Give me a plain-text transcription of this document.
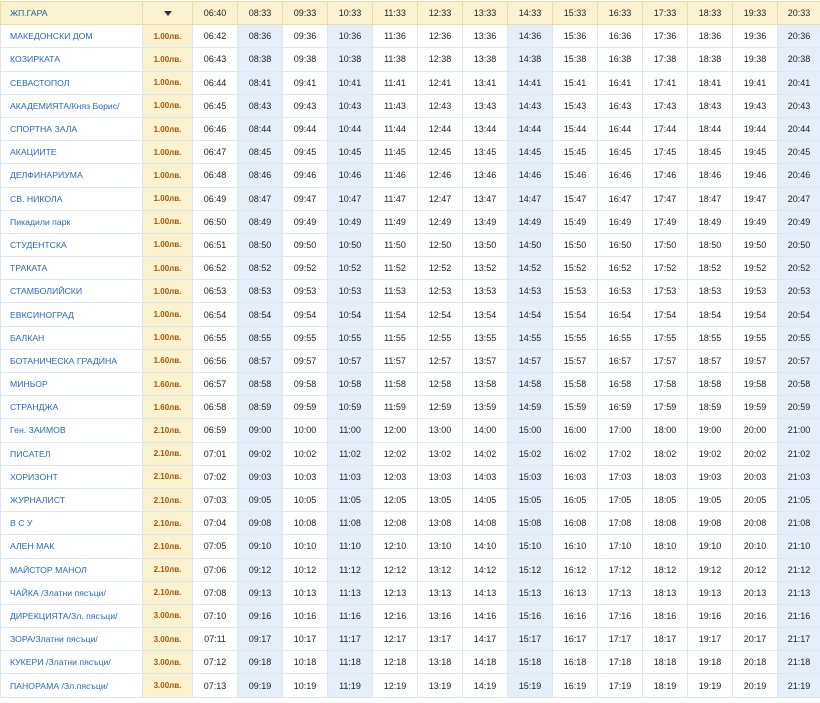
ЖП.ГАРА		06:40	08:33	09:33	10:33	11:33	12:33	13:33	14:33	15:33	16:33	17:33	18:33	19:33	20:33
МАКЕДОНСКИ ДОМ	1.00лв.	06:42	08:36	09:36	10:36	11:36	12:36	13:36	14:36	15:36	16:36	17:36	18:36	19:36	20:36
КОЗИРКАТА	1.00лв.	06:43	08:38	09:38	10:38	11:38	12:38	13:38	14:38	15:38	16:38	17:38	18:38	19:38	20:38
СЕВАСТОПОЛ	1.00лв.	06:44	08:41	09:41	10:41	11:41	12:41	13:41	14:41	15:41	16:41	17:41	18:41	19:41	20:41
АКАДЕМИЯТА/Княз Борис/	1.00лв.	06:45	08:43	09:43	10:43	11:43	12:43	13:43	14:43	15:43	16:43	17:43	18:43	19:43	20:43
СПОРТНА ЗАЛА	1.00лв.	06:46	08:44	09:44	10:44	11:44	12:44	13:44	14:44	15:44	16:44	17:44	18:44	19:44	20:44
АКАЦИИТЕ	1.00лв.	06:47	08:45	09:45	10:45	11:45	12:45	13:45	14:45	15:45	16:45	17:45	18:45	19:45	20:45
ДЕЛФИНАРИУМА	1.00лв.	06:48	08:46	09:46	10:46	11:46	12:46	13:46	14:46	15:46	16:46	17:46	18:46	19:46	20:46
СВ. НИКОЛА	1.00лв.	06:49	08:47	09:47	10:47	11:47	12:47	13:47	14:47	15:47	16:47	17:47	18:47	19:47	20:47
Пикадили парк	1.00лв.	06:50	08:49	09:49	10:49	11:49	12:49	13:49	14:49	15:49	16:49	17:49	18:49	19:49	20:49
СТУДЕНТСКА	1.00лв.	06:51	08:50	09:50	10:50	11:50	12:50	13:50	14:50	15:50	16:50	17:50	18:50	19:50	20:50
ТРАКАТА	1.00лв.	06:52	08:52	09:52	10:52	11:52	12:52	13:52	14:52	15:52	16:52	17:52	18:52	19:52	20:52
СТАМБОЛИЙСКИ	1.00лв.	06:53	08:53	09:53	10:53	11:53	12:53	13:53	14:53	15:53	16:53	17:53	18:53	19:53	20:53
ЕВКСИНОГРАД	1.00лв.	06:54	08:54	09:54	10:54	11:54	12:54	13:54	14:54	15:54	16:54	17:54	18:54	19:54	20:54
БАЛКАН	1.00лв.	06:55	08:55	09:55	10:55	11:55	12:55	13:55	14:55	15:55	16:55	17:55	18:55	19:55	20:55
БОТАНИЧЕСКА ГРАДИНА	1.60лв.	06:56	08:57	09:57	10:57	11:57	12:57	13:57	14:57	15:57	16:57	17:57	18:57	19:57	20:57
МИНЬОР	1.60лв.	06:57	08:58	09:58	10:58	11:58	12:58	13:58	14:58	15:58	16:58	17:58	18:58	19:58	20:58
СТРАНДЖА	1.60лв.	06:58	08:59	09:59	10:59	11:59	12:59	13:59	14:59	15:59	16:59	17:59	18:59	19:59	20:59
Ген. ЗАИМОВ	2.10лв.	06:59	09:00	10:00	11:00	12:00	13:00	14:00	15:00	16:00	17:00	18:00	19:00	20:00	21:00
ПИСАТЕЛ	2.10лв.	07:01	09:02	10:02	11:02	12:02	13:02	14:02	15:02	16:02	17:02	18:02	19:02	20:02	21:02
ХОРИЗОНТ	2.10лв.	07:02	09:03	10:03	11:03	12:03	13:03	14:03	15:03	16:03	17:03	18:03	19:03	20:03	21:03
ЖУРНАЛИСТ	2.10лв.	07:03	09:05	10:05	11:05	12:05	13:05	14:05	15:05	16:05	17:05	18:05	19:05	20:05	21:05
В С У	2.10лв.	07:04	09:08	10:08	11:08	12:08	13:08	14:08	15:08	16:08	17:08	18:08	19:08	20:08	21:08
АЛЕН МАК	2.10лв.	07:05	09:10	10:10	11:10	12:10	13:10	14:10	15:10	16:10	17:10	18:10	19:10	20:10	21:10
МАЙСТОР МАНОЛ	2.10лв.	07:06	09:12	10:12	11:12	12:12	13:12	14:12	15:12	16:12	17:12	18:12	19:12	20:12	21:12
ЧАЙКА /Златни пясъци/	2.10лв.	07:08	09:13	10:13	11:13	12:13	13:13	14:13	15:13	16:13	17:13	18:13	19:13	20:13	21:13
ДИРЕКЦИЯТА/Зл. пясъци/	3.00лв.	07:10	09:16	10:16	11:16	12:16	13:16	14:16	15:16	16:16	17:16	18:16	19:16	20:16	21:16
ЗОРА/Златни пясъци/	3.00лв.	07:11	09:17	10:17	11:17	12:17	13:17	14:17	15:17	16:17	17:17	18:17	19:17	20:17	21:17
КУКЕРИ /Златни пясъци/	3.00лв.	07:12	09:18	10:18	11:18	12:18	13:18	14:18	15:18	16:18	17:18	18:18	19:18	20:18	21:18
ПАНОРАМА /Зл.пясъци/	3.00лв.	07:13	09:19	10:19	11:19	12:19	13:19	14:19	15:19	16:19	17:19	18:19	19:19	20:19	21:19
